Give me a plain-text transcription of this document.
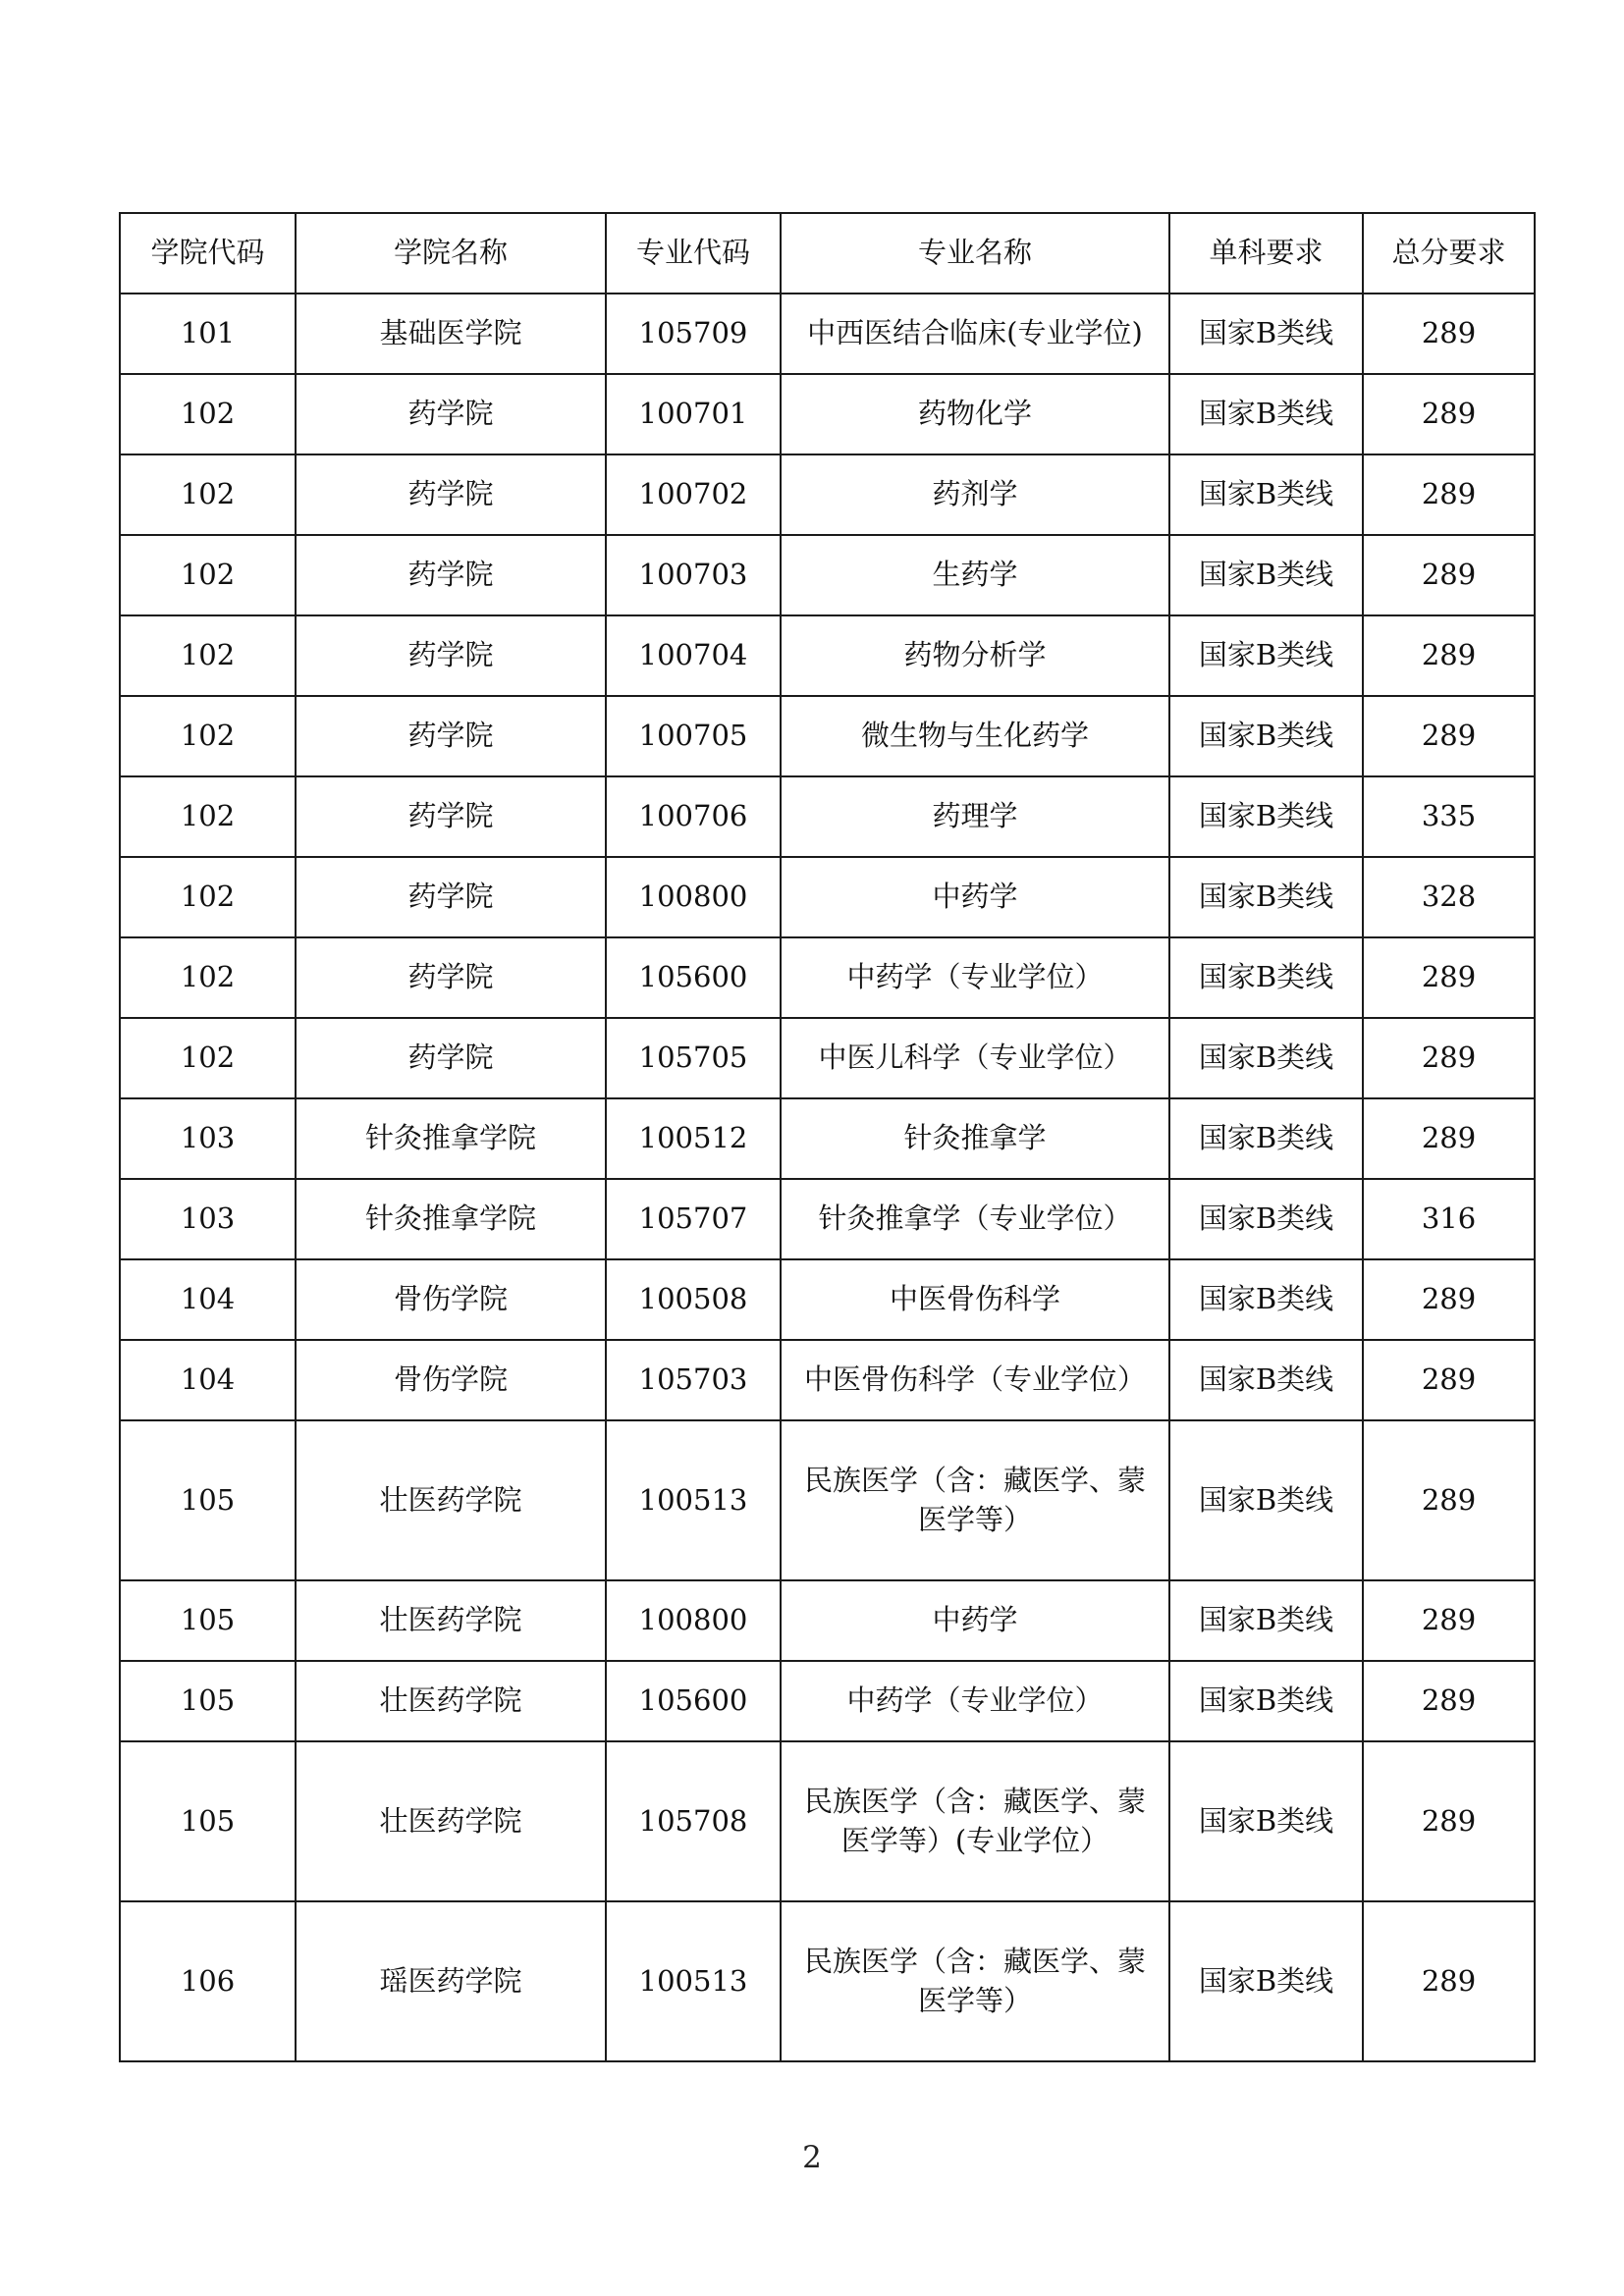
学院代码	学院名称	专业代码	专业名称	单科要求	总分要求
101	基础医学院	105709	中西医结合临床(专业学位)	国家B类线	289
102	药学院	100701	药物化学	国家B类线	289
102	药学院	100702	药剂学	国家B类线	289
102	药学院	100703	生药学	国家B类线	289
102	药学院	100704	药物分析学	国家B类线	289
102	药学院	100705	微生物与生化药学	国家B类线	289
102	药学院	100706	药理学	国家B类线	335
102	药学院	100800	中药学	国家B类线	328
102	药学院	105600	中药学（专业学位）	国家B类线	289
102	药学院	105705	中医儿科学（专业学位）	国家B类线	289
103	针灸推拿学院	100512	针灸推拿学	国家B类线	289
103	针灸推拿学院	105707	针灸推拿学（专业学位）	国家B类线	316
104	骨伤学院	100508	中医骨伤科学	国家B类线	289
104	骨伤学院	105703	中医骨伤科学（专业学位）	国家B类线	289
105	壮医药学院	100513	民族医学（含：藏医学、蒙医学等）	国家B类线	289
105	壮医药学院	100800	中药学	国家B类线	289
105	壮医药学院	105600	中药学（专业学位）	国家B类线	289
105	壮医药学院	105708	民族医学（含：藏医学、蒙医学等）(专业学位）	国家B类线	289
106	瑶医药学院	100513	民族医学（含：藏医学、蒙医学等）	国家B类线	289
2
